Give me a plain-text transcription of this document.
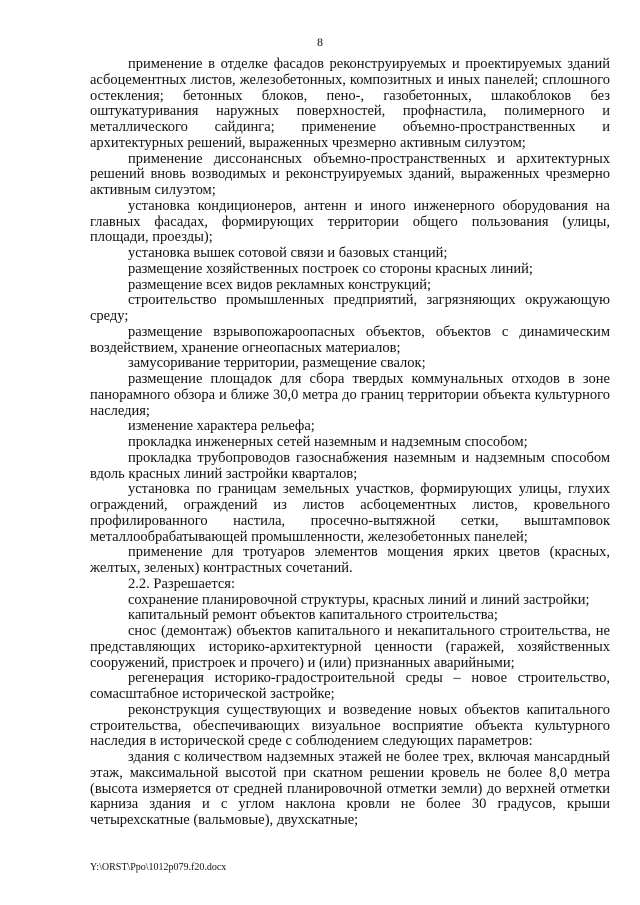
8

применение в отделке фасадов реконструируемых и проектируемых зданий асбоцементных листов, железобетонных, композитных и иных панелей; сплошного остекления; бетонных блоков, пено-, газобетонных, шлакоблоков без оштукатуривания наружных поверхностей, профнастила, полимерного и металлического сайдинга; применение объемно-пространственных и архитектурных решений, выраженных чрезмерно активным силуэтом;

применение диссонансных объемно-пространственных и архитектурных решений вновь возводимых и реконструируемых зданий, выраженных чрезмерно активным силуэтом;

установка кондиционеров, антенн и иного инженерного оборудования на главных фасадах, формирующих территории общего пользования (улицы, площади, проезды);

установка вышек сотовой связи и базовых станций;

размещение хозяйственных построек со стороны красных линий;

размещение всех видов рекламных конструкций;

строительство промышленных предприятий, загрязняющих окружающую среду;

размещение взрывопожароопасных объектов, объектов с динамическим воздействием, хранение огнеопасных материалов;

замусоривание территории, размещение свалок;

размещение площадок для сбора твердых коммунальных отходов в зоне панорамного обзора и ближе 30,0 метра до границ территории объекта культурного наследия;

изменение характера рельефа;

прокладка инженерных сетей наземным и надземным способом;

прокладка трубопроводов газоснабжения наземным и надземным способом вдоль красных линий застройки кварталов;

установка по границам земельных участков, формирующих улицы, глухих ограждений, ограждений из листов асбоцементных листов, кровельного профилированного настила, просечно-вытяжной сетки, выштамповок металлообрабатывающей промышленности, железобетонных панелей;

применение для тротуаров элементов мощения ярких цветов (красных, желтых, зеленых) контрастных сочетаний.

2.2. Разрешается:

сохранение планировочной структуры, красных линий и линий застройки;

капитальный ремонт объектов капитального строительства;

снос (демонтаж) объектов капитального и некапитального строительства, не представляющих историко-архитектурной ценности (гаражей, хозяйственных сооружений, пристроек и прочего) и (или) признанных аварийными;

регенерация историко-градостроительной среды – новое строительство, сомасштабное исторической застройке;

реконструкция существующих и возведение новых объектов капитального строительства, обеспечивающих визуальное восприятие объекта культурного наследия в исторической среде с соблюдением следующих параметров:

здания с количеством надземных этажей не более трех, включая мансардный этаж, максимальной высотой при скатном решении кровель не более 8,0 метра (высота измеряется от средней планировочной отметки земли) до верхней отметки карниза здания и с углом наклона кровли не более 30 градусов, крыши четырехскатные (вальмовые), двухскатные;

Y:\ORST\Ppo\1012p079.f20.docx
